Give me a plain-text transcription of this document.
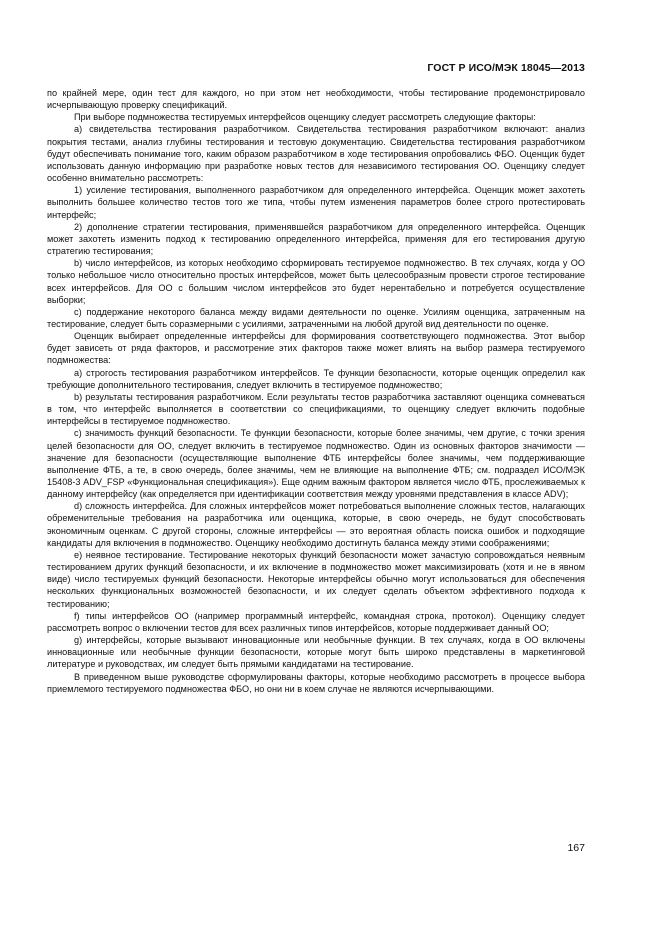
ГОСТ Р ИСО/МЭК 18045—2013

по крайней мере, один тест для каждого, но при этом нет необходимости, чтобы тестирование продемонстрировало исчерпывающую проверку спецификаций.

При выборе подмножества тестируемых интерфейсов оценщику следует рассмотреть следующие факторы:

a) свидетельства тестирования разработчиком. Свидетельства тестирования разработчиком включают: анализ покрытия тестами, анализ глубины тестирования и тестовую документацию. Свидетельства тестирования разработчиком будут обеспечивать понимание того, каким образом разработчиком в ходе тестирования опробовались ФБО. Оценщик будет использовать данную информацию при разработке новых тестов для независимого тестирования ОО. Оценщику следует особенно внимательно рассмотреть:

1) усиление тестирования, выполненного разработчиком для определенного интерфейса. Оценщик может захотеть выполнить большее количество тестов того же типа, чтобы путем изменения параметров более строго протестировать интерфейс;

2) дополнение стратегии тестирования, применявшейся разработчиком для определенного интерфейса. Оценщик может захотеть изменить подход к тестированию определенного интерфейса, применяя для его тестирования другую стратегию тестирования;

b) число интерфейсов, из которых необходимо сформировать тестируемое подмножество. В тех случаях, когда у ОО только небольшое число относительно простых интерфейсов, может быть целесообразным провести строгое тестирование всех интерфейсов. Для ОО с большим числом интерфейсов это будет нерентабельно и потребуется осуществление выборки;

c) поддержание некоторого баланса между видами деятельности по оценке. Усилиям оценщика, затраченным на тестирование, следует быть соразмерными с усилиями, затраченными на любой другой вид деятельности по оценке.

Оценщик выбирает определенные интерфейсы для формирования соответствующего подмножества. Этот выбор будет зависеть от ряда факторов, и рассмотрение этих факторов также может влиять на выбор размера тестируемого подмножества:

a) строгость тестирования разработчиком интерфейсов. Те функции безопасности, которые оценщик определил как требующие дополнительного тестирования, следует включить в тестируемое подмножество;

b) результаты тестирования разработчиком. Если результаты тестов разработчика заставляют оценщика сомневаться в том, что интерфейс выполняется в соответствии со спецификациями, то оценщику следует включить подобные интерфейсы в тестируемое подмножество.

c) значимость функций безопасности. Те функции безопасности, которые более значимы, чем другие, с точки зрения целей безопасности для ОО, следует включить в тестируемое подмножество. Один из основных факторов значимости — значение для безопасности (осуществляющие выполнение ФТБ интерфейсы более значимы, чем поддерживающие выполнение ФТБ, а те, в свою очередь, более значимы, чем не влияющие на выполнение ФТБ; см. подраздел ИСО/МЭК 15408-3 ADV_FSP «Функциональная спецификация»). Еще одним важным фактором является число ФТБ, прослеживаемых к данному интерфейсу (как определяется при идентификации соответствия между уровнями представления в классе ADV);

d) сложность интерфейса. Для сложных интерфейсов может потребоваться выполнение сложных тестов, налагающих обременительные требования на разработчика или оценщика, которые, в свою очередь, не будут способствовать экономичным оценкам. С другой стороны, сложные интерфейсы — это вероятная область поиска ошибок и подходящие кандидаты для включения в подмножество. Оценщику необходимо достигнуть баланса между этими соображениями;

e) неявное тестирование. Тестирование некоторых функций безопасности может зачастую сопровождаться неявным тестированием других функций безопасности, и их включение в подмножество может максимизировать (хотя и не в явном виде) число тестируемых функций безопасности. Некоторые интерфейсы обычно могут использоваться для обеспечения нескольких функциональных возможностей безопасности, и их следует сделать объектом эффективного подхода к тестированию;

f) типы интерфейсов ОО (например программный интерфейс, командная строка, протокол). Оценщику следует рассмотреть вопрос о включении тестов для всех различных типов интерфейсов, которые поддерживает данный ОО;

g) интерфейсы, которые вызывают инновационные или необычные функции. В тех случаях, когда в ОО включены инновационные или необычные функции безопасности, которые могут быть широко представлены в маркетинговой литературе и руководствах, им следует быть прямыми кандидатами на тестирование.

В приведенном выше руководстве сформулированы факторы, которые необходимо рассмотреть в процессе выбора приемлемого тестируемого подмножества ФБО, но они ни в коем случае не являются исчерпывающими.

167
